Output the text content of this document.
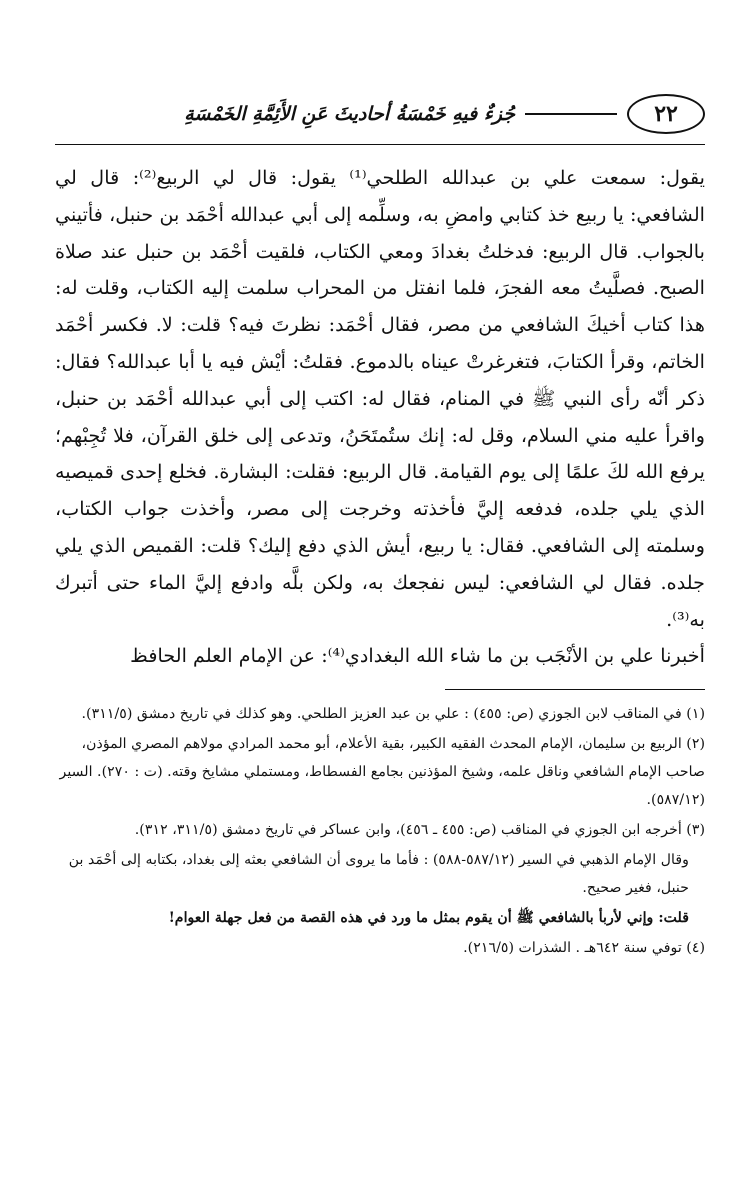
٢٢
جُزءٌ فيهِ خَمْسَةُ أحاديثَ عَنِ الأَئِمَّةِ الخَمْسَةِ

يقول: سمعت علي بن عبدالله الطلحي⁽¹⁾ يقول: قال لي الربيع⁽²⁾: قال لي الشافعي: يا ربيع خذ كتابي وامضِ به، وسلِّمه إلى أبي عبدالله أحْمَد بن حنبل، فأتيني بالجواب. قال الربيع: فدخلتُ بغدادَ ومعي الكتاب، فلقيت أحْمَد بن حنبل عند صلاة الصبح. فصلَّيتُ معه الفجرَ، فلما انفتل من المحراب سلمت إليه الكتاب، وقلت له: هذا كتاب أخيكَ الشافعي من مصر، فقال أحْمَد: نظرتَ فيه؟ قلت: لا. فكسر أحْمَد الخاتم، وقرأ الكتابَ، فتغرغرتْ عيناه بالدموع. فقلتُ: أيْش فيه يا أبا عبدالله؟ فقال: ذكر أنّه رأى النبي ﷺ في المنام، فقال له: اكتب إلى أبي عبدالله أحْمَد بن حنبل، واقرأ عليه مني السلام، وقل له: إنك ستُمتَحَنُ، وتدعى إلى خلق القرآن، فلا تُجِبْهم؛ يرفع الله لكَ علمًا إلى يوم القيامة. قال الربيع: فقلت: البشارة. فخلع إحدى قميصيه الذي يلي جلده، فدفعه إليَّ فأخذته وخرجت إلى مصر، وأخذت جواب الكتاب، وسلمته إلى الشافعي. فقال: يا ربيع، أيش الذي دفع إليك؟ قلت: القميص الذي يلي جلده. فقال لي الشافعي: ليس نفجعك به، ولكن بلَّه وادفع إليَّ الماء حتى أتبرك به⁽³⁾.

أخبرنا علي بن الأنْجَب بن ما شاء الله البغدادي⁽⁴⁾: عن الإمام العلم الحافظ

(١) في المناقب لابن الجوزي (ص: ٤٥٥) : علي بن عبد العزيز الطلحي. وهو كذلك في تاريخ دمشق (٣١١/٥).

(٢) الربيع بن سليمان، الإمام المحدث الفقيه الكبير، بقية الأعلام، أبو محمد المرادي مولاهم المصري المؤذن، صاحب الإمام الشافعي وناقل علمه، وشيخ المؤذنين بجامع الفسطاط، ومستملي مشايخ وقته. (ت : ٢٧٠). السير (٥٨٧/١٢).

(٣) أخرجه ابن الجوزي في المناقب (ص: ٤٥٥ ـ ٤٥٦)، وابن عساكر في تاريخ دمشق (٣١١/٥، ٣١٢).

وقال الإمام الذهبي في السير (٥٨٧/١٢-٥٨٨) : فأما ما يروى أن الشافعي بعثه إلى بغداد، بكتابه إلى أحْمَد بن حنبل، فغير صحيح.

قلت: وإني لأربأ بالشافعي ﷺ أن يقوم بمثل ما ورد في هذه القصة من فعل جهلة العوام!

(٤) توفي سنة ٦٤٢هـ . الشذرات (٢١٦/٥).
